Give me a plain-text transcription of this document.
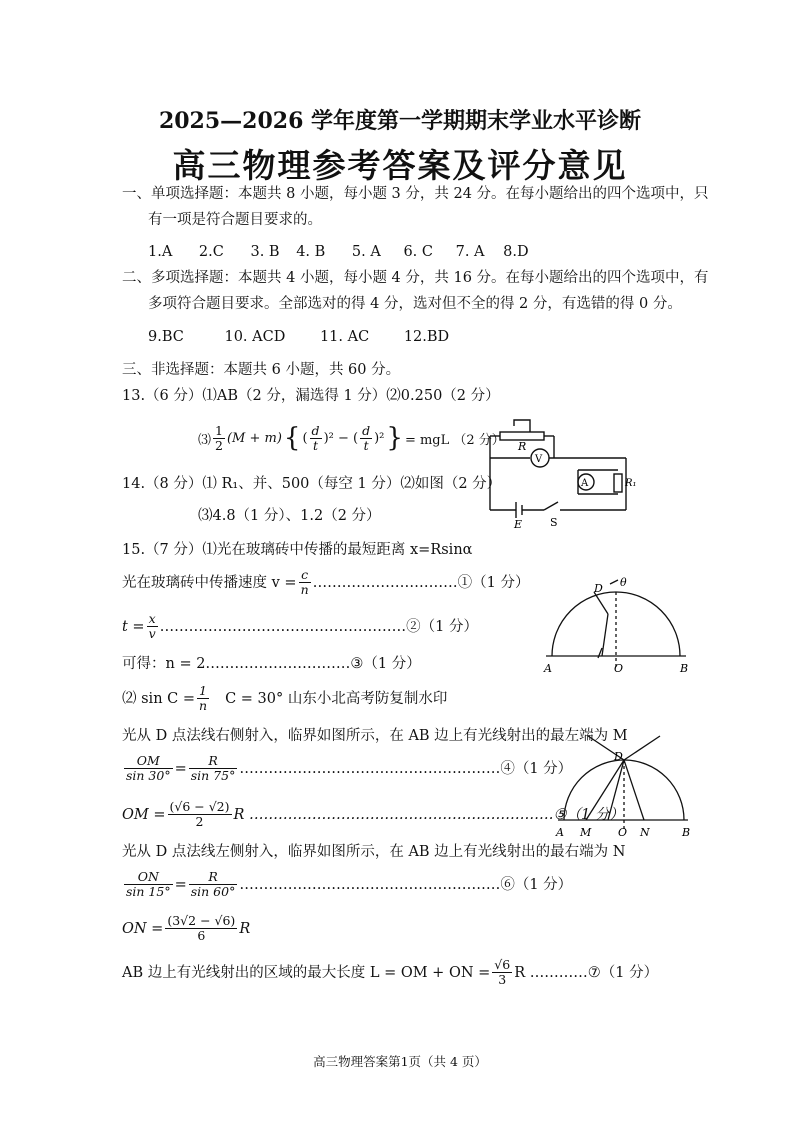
2025—2026 学年度第一学期期末学业水平诊断
高三物理参考答案及评分意见
一、单项选择题：本题共 8 小题，每小题 3 分，共 24 分。在每小题给出的四个选项中，只
有一项是符合题目要求的。
1.A 2.C 3. B 4. B 5. A 6. C 7. A 8.D
二、多项选择题：本题共 4 小题，每小题 4 分，共 16 分。在每小题给出的四个选项中，有
多项符合题目要求。全部选对的得 4 分，选对但不全的得 2 分，有选错的得 0 分。
9.BC	10. ACD 11. AC 12.BD
三、非选择题：本题共 6 小题，共 60 分。
13.（6 分）⑴AB（2 分，漏选得 1 分）⑵0.250（2 分）
⑶ $\frac{1}{2} (M + m)$ { ( $\frac{d}{t} )^2$ − ( $\frac{d}{t} )^2$ } = mgL （2 分）
14.（8 分）⑴ R₁、并、500（每空 1 分）⑵如图（2 分）
⑶4.8（1 分）、1.2（2 分）
R
V
A	R₁
E	S
15.（7 分）⑴光在玻璃砖中传播的最短距离 x=Rsinα
光在玻璃砖中传播速度 $v = \frac{c}{n}$ …………………………①（1 分）
$t = \frac{x}{v}$ ……………………………………………②（1 分）
可得：n = 2…………………………③（1 分）
⑵ $\sin C = \frac{1}{n}$ C = 30° 山东小北高考防复制水印
光从 D 点法线右侧射入，临界如图所示，在 AB 边上有光线射出的最左端为 M
$\frac{OM}{\sin 30^\circ} = \frac{R}{\sin 75^\circ}$ ………………………………………………④（1 分）
OM = $\frac{(√6 - √2)}{2}$ R ………………………………………………………⑤（1 分）
光从 D 点法线左侧射入，临界如图所示，在 AB 边上有光线射出的最右端为 N
$\frac{ON}{\sin 15^\circ} = \frac{R}{\sin 60^\circ}$ ………………………………………………⑥（1 分）
ON = $\frac{(3√2 - √6)}{6}$ R
AB 边上有光线射出的区域的最大长度 L = OM + ON = $\frac{√6}{3}$ R …………⑦（1 分）
D θ
A	O	B
D
A M O N	B
高三物理答案第1页（共 4 页）
